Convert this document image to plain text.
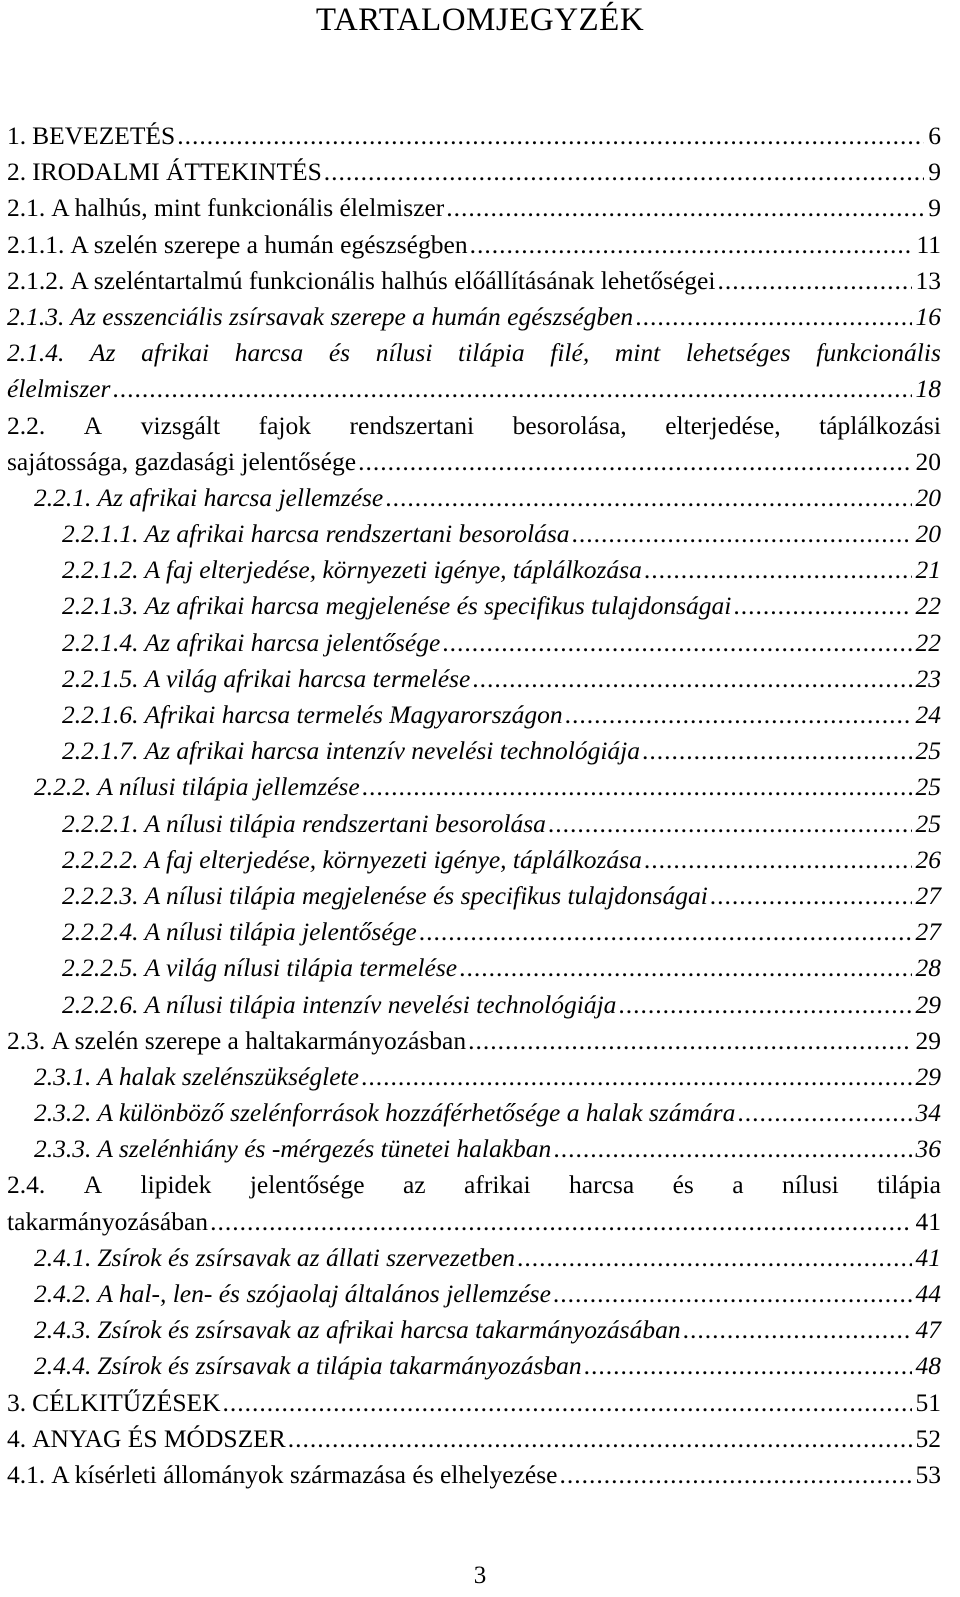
TARTALOMJEGYZÉK
1. BEVEZETÉS .....	6
2. IRODALMI ÁTTEKINTÉS .....	9
2.1. A halhús, mint funkcionális élelmiszer .....	9
2.1.1. A szelén szerepe a humán egészségben .....	11
2.1.2. A szeléntartalmú funkcionális halhús előállításának lehetőségei .....	13
2.1.3. Az esszenciális zsírsavak szerepe a humán egészségben .....	16
2.1.4. Az afrikai harcsa és nílusi tilápia filé, mint lehetséges funkcionális
élelmiszer .....	18
2.2. A vizsgált fajok rendszertani besorolása, elterjedése, táplálkozási
sajátossága, gazdasági jelentősége .....	20
2.2.1. Az afrikai harcsa jellemzése .....	20
2.2.1.1. Az afrikai harcsa rendszertani besorolása .....	20
2.2.1.2. A faj elterjedése, környezeti igénye, táplálkozása .....	21
2.2.1.3. Az afrikai harcsa megjelenése és specifikus tulajdonságai .....	22
2.2.1.4. Az afrikai harcsa jelentősége .....	22
2.2.1.5. A világ afrikai harcsa termelése .....	23
2.2.1.6. Afrikai harcsa termelés Magyarországon .....	24
2.2.1.7. Az afrikai harcsa intenzív nevelési technológiája .....	25
2.2.2. A nílusi tilápia jellemzése .....	25
2.2.2.1. A nílusi tilápia rendszertani besorolása .....	25
2.2.2.2. A faj elterjedése, környezeti igénye, táplálkozása .....	26
2.2.2.3. A nílusi tilápia megjelenése és specifikus tulajdonságai .....	27
2.2.2.4. A nílusi tilápia jelentősége .....	27
2.2.2.5. A világ nílusi tilápia termelése .....	28
2.2.2.6. A nílusi tilápia intenzív nevelési technológiája .....	29
2.3. A szelén szerepe a haltakarmányozásban .....	29
2.3.1. A halak szelénszükséglete .....	29
2.3.2. A különböző szelénforrások hozzáférhetősége a halak számára .....	34
2.3.3. A szelénhiány és -mérgezés tünetei halakban .....	36
2.4. A lipidek jelentősége az afrikai harcsa és a nílusi tilápia
takarmányozásában .....	41
2.4.1. Zsírok és zsírsavak az állati szervezetben .....	41
2.4.2. A hal-, len- és szójaolaj általános jellemzése .....	44
2.4.3. Zsírok és zsírsavak az afrikai harcsa takarmányozásában .....	47
2.4.4. Zsírok és zsírsavak a tilápia takarmányozásban .....	48
3. CÉLKITŰZÉSEK .....	51
4. ANYAG ÉS MÓDSZER .....	52
4.1. A kísérleti állományok származása és elhelyezése .....	53
3
